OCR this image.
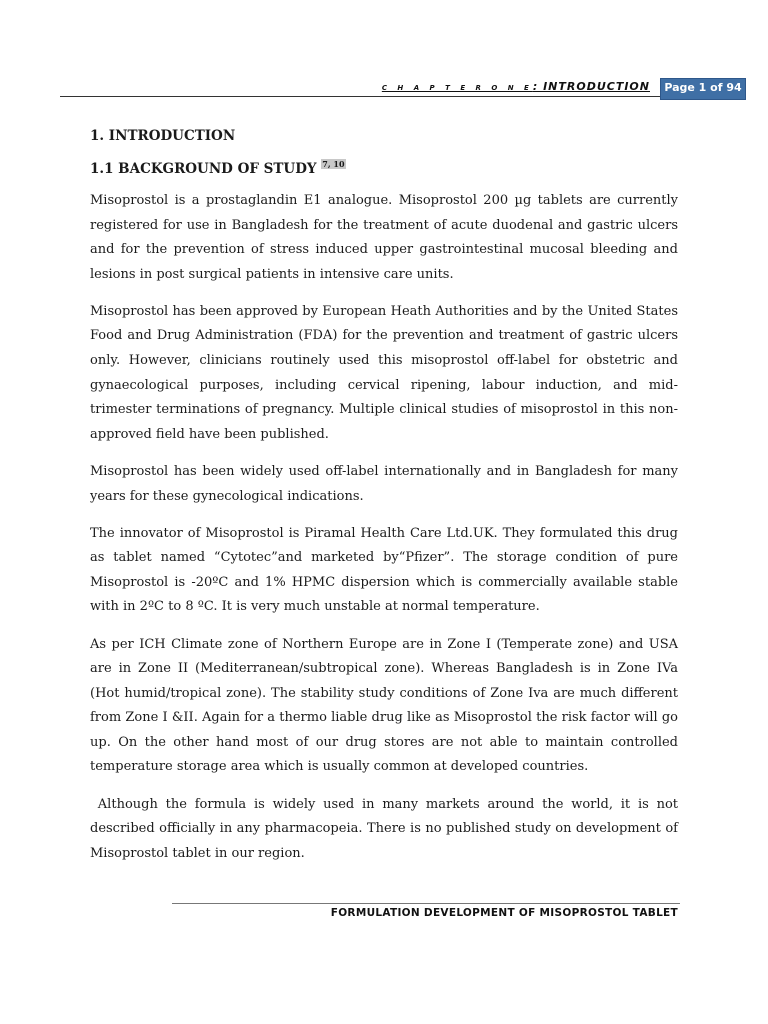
C H A P T E R O N E: INTRODUCTION	Page 1 of 94
1. INTRODUCTION
1.1 BACKGROUND OF STUDY $^{7, 10}$

Misoprostol is a prostaglandin E1 analogue. Misoprostol 200 µg tablets are currently registered for use in Bangladesh for the treatment of acute duodenal and gastric ulcers and for the prevention of stress induced upper gastrointestinal mucosal bleeding and lesions in post surgical patients in intensive care units.

Misoprostol has been approved by European Heath Authorities and by the United States Food and Drug Administration (FDA) for the prevention and treatment of gastric ulcers only. However, clinicians routinely used this misoprostol off-label for obstetric and gynaecological purposes, including cervical ripening, labour induction, and mid-trimester terminations of pregnancy. Multiple clinical studies of misoprostol in this non-approved field have been published.

Misoprostol has been widely used off-label internationally and in Bangladesh for many years for these gynecological indications.

The innovator of Misoprostol is Piramal Health Care Ltd.UK. They formulated this drug as tablet named “Cytotec”and marketed by“Pfizer”. The storage condition of pure Misoprostol is -20ºC and 1% HPMC dispersion which is commercially available stable with in 2ºC to 8 ºC. It is very much unstable at normal temperature.

As per ICH Climate zone of Northern Europe are in Zone I (Temperate zone) and USA are in Zone II (Mediterranean/subtropical zone). Whereas Bangladesh is in Zone IVa (Hot humid/tropical zone). The stability study conditions of Zone Iva are much different from Zone I &II. Again for a thermo liable drug like as Misoprostol the risk factor will go up. On the other hand most of our drug stores are not able to maintain controlled temperature storage area which is usually common at developed countries.

Although the formula is widely used in many markets around the world, it is not described officially in any pharmacopeia. There is no published study on development of Misoprostol tablet in our region.

FORMULATION DEVELOPMENT OF MISOPROSTOL TABLET
